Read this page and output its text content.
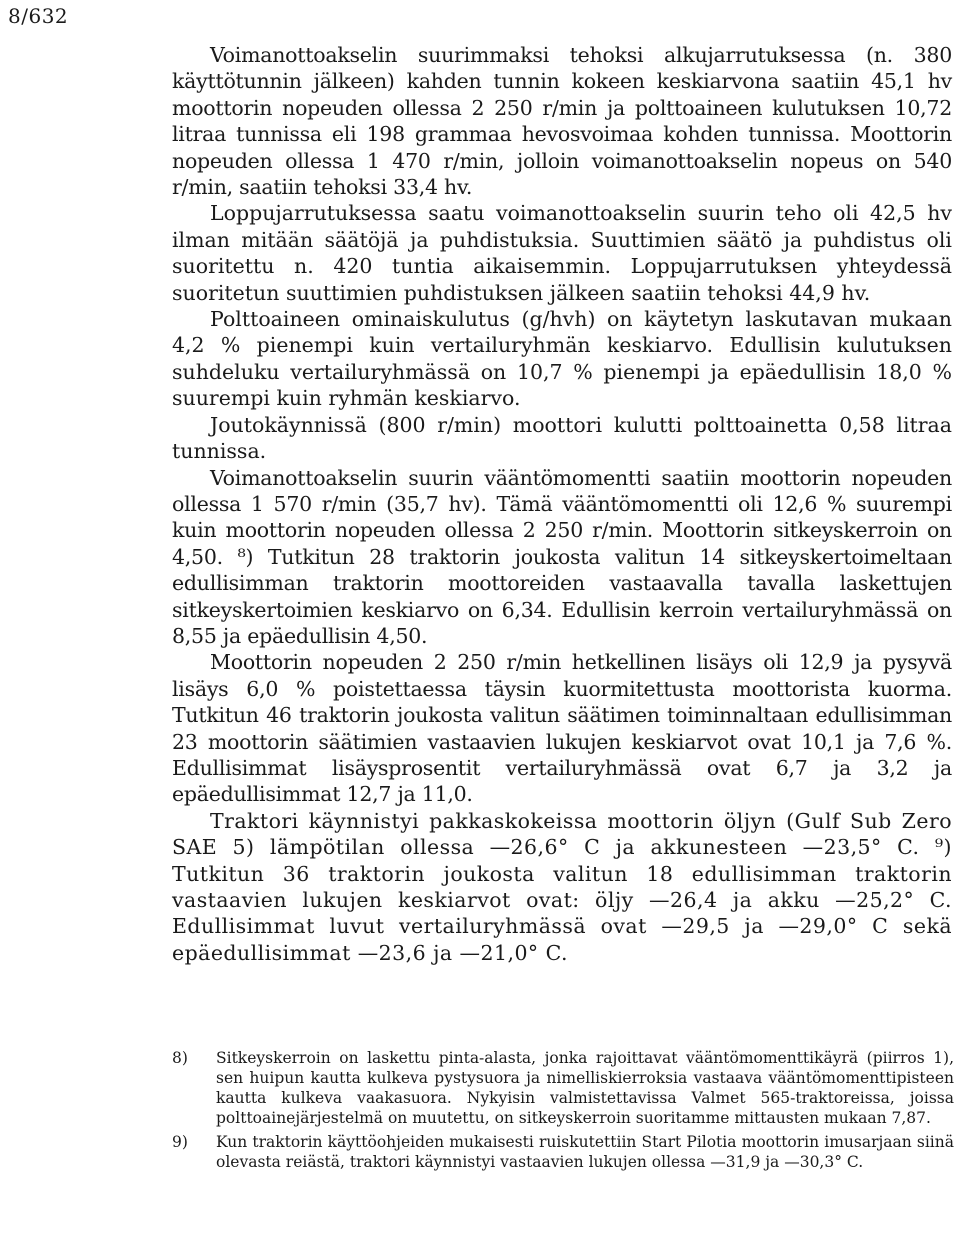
8/632

Voimanottoakselin suurimmaksi tehoksi alkujarrutuksessa (n. 380 käyttötunnin jälkeen) kahden tunnin kokeen keskiarvona saatiin 45,1 hv moottorin nopeuden ollessa 2 250 r/min ja polttoaineen kulutuksen 10,72 litraa tunnissa eli 198 grammaa hevosvoimaa kohden tunnissa. Moottorin nopeuden ollessa 1 470 r/min, jolloin voimanottoakselin nopeus on 540 r/min, saatiin tehoksi 33,4 hv.

Loppujarrutuksessa saatu voimanottoakselin suurin teho oli 42,5 hv ilman mitään säätöjä ja puhdistuksia. Suuttimien säätö ja puhdistus oli suoritettu n. 420 tuntia aikaisemmin. Loppujarrutuksen yhteydessä suoritetun suuttimien puhdistuksen jälkeen saatiin tehoksi 44,9 hv.

Polttoaineen ominaiskulutus (g/hvh) on käytetyn laskutavan mukaan 4,2 % pienempi kuin vertailuryhmän keskiarvo. Edullisin kulutuksen suhdeluku vertailuryhmässä on 10,7 % pienempi ja epäedullisin 18,0 % suurempi kuin ryhmän keskiarvo.

Joutokäynnissä (800 r/min) moottori kulutti polttoainetta 0,58 litraa tunnissa.

Voimanottoakselin suurin vääntömomentti saatiin moottorin nopeuden ollessa 1 570 r/min (35,7 hv). Tämä vääntömomentti oli 12,6 % suurempi kuin moottorin nopeuden ollessa 2 250 r/min. Moottorin sitkeyskerroin on 4,50. ⁸) Tutkitun 28 traktorin joukosta valitun 14 sitkeyskertoimeltaan edullisimman traktorin moottoreiden vastaavalla tavalla laskettujen sitkeyskertoimien keskiarvo on 6,34. Edullisin kerroin vertailuryhmässä on 8,55 ja epäedullisin 4,50.

Moottorin nopeuden 2 250 r/min hetkellinen lisäys oli 12,9 ja pysyvä lisäys 6,0 % poistettaessa täysin kuormitettusta moottorista kuorma. Tutkitun 46 traktorin joukosta valitun säätimen toiminnaltaan edullisimman 23 moottorin säätimien vastaavien lukujen keskiarvot ovat 10,1 ja 7,6 %. Edullisimmat lisäysprosentit vertailuryhmässä ovat 6,7 ja 3,2 ja epäedullisimmat 12,7 ja 11,0.

Traktori käynnistyi pakkaskokeissa moottorin öljyn (Gulf Sub Zero SAE 5) lämpötilan ollessa —26,6° C ja akkunesteen —23,5° C. ⁹) Tutkitun 36 traktorin joukosta valitun 18 edullisimman traktorin vastaavien lukujen keskiarvot ovat: öljy —26,4 ja akku —25,2° C. Edullisimmat luvut vertailuryhmässä ovat —29,5 ja —29,0° C sekä epäedullisimmat —23,6 ja —21,0° C.

8) Sitkeyskerroin on laskettu pinta-alasta, jonka rajoittavat vääntömomenttikäyrä (piirros 1), sen huipun kautta kulkeva pystysuora ja nimelliskierroksia vastaava vääntömomenttipisteen kautta kulkeva vaakasuora. Nykyisin valmistettavissa Valmet 565-traktoreissa, joissa polttoainejärjestelmä on muutettu, on sitkeyskerroin suoritamme mittausten mukaan 7,87.
9) Kun traktorin käyttöohjeiden mukaisesti ruiskutettiin Start Pilotia moottorin imusarjaan siinä olevasta reiästä, traktori käynnistyi vastaavien lukujen ollessa —31,9 ja —30,3° C.
